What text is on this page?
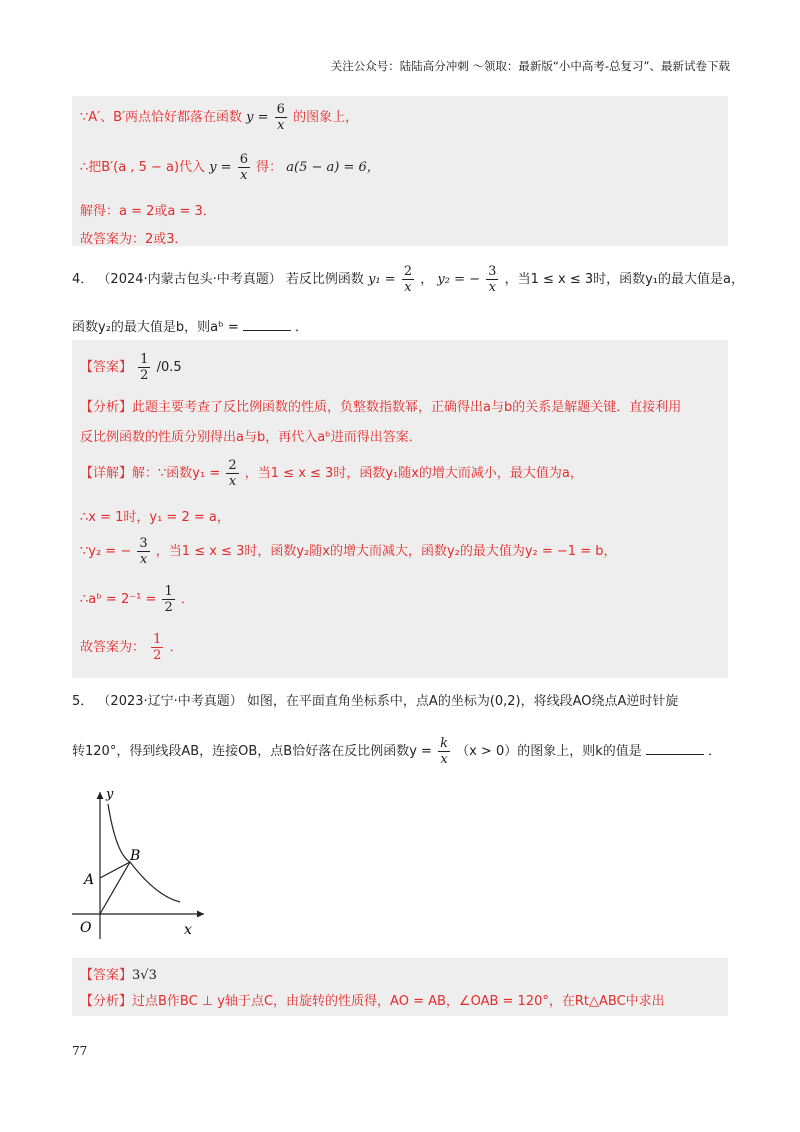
关注公众号：陆陆高分冲刺 〜领取：最新版“小中高考-总复习”、最新试卷下载
∵A′、B′两点恰好都落在函数 $y = \frac{6}{x}$ 的图象上，
∴把B′(a , 5 − a)代入 $y = \frac{6}{x}$ 得： a(5 − a) = 6，
解得：a = 2或a = 3．
故答案为：2或3．
4． （2024·内蒙古包头·中考真题） 若反比例函数 $y_1 = \frac{2}{x}$ ， y₂ = − $\frac{3}{x}$ ，当1 ≤ x ≤ 3时，函数y₁的最大值是a，
函数y₂的最大值是b，则aᵇ =	．
【答案】 $\frac{1}{2} /0.5$
【分析】此题主要考查了反比例函数的性质，负整数指数幂，正确得出a与b的关系是解题关键．直接利用
反比例函数的性质分别得出a与b，再代入aᵇ进而得出答案．
【详解】解：∵函数$y_1 = \frac{2}{x}$ ，当1 ≤ x ≤ 3时，函数y₁随x的增大而减小，最大值为a，
∴x = 1时，y₁ = 2 = a，
∵y₂ = − $\frac{3}{x}$ ，当1 ≤ x ≤ 3时，函数y₂随x的增大而减大，函数y₂的最大值为y₂ = −1 = b，
∴aᵇ = $2^{-1} = \frac{1}{2}$ ．
故答案为： $\frac{1}{2}$ ．
5． （2023·辽宁·中考真题） 如图，在平面直角坐标系中，点A的坐标为(0,2)，将线段AO绕点A逆时针旋
转120°，得到线段AB，连接OB，点B恰好落在反比例函数$y = \frac{k}{x} (x > 0)$的图象上，则k的值是	．
y
x
O
A
B
【答案】3√3
【分析】过点B作BC ⊥ y轴于点C，由旋转的性质得，AO = AB，∠OAB = 120°，在Rt△ABC中求出
77
